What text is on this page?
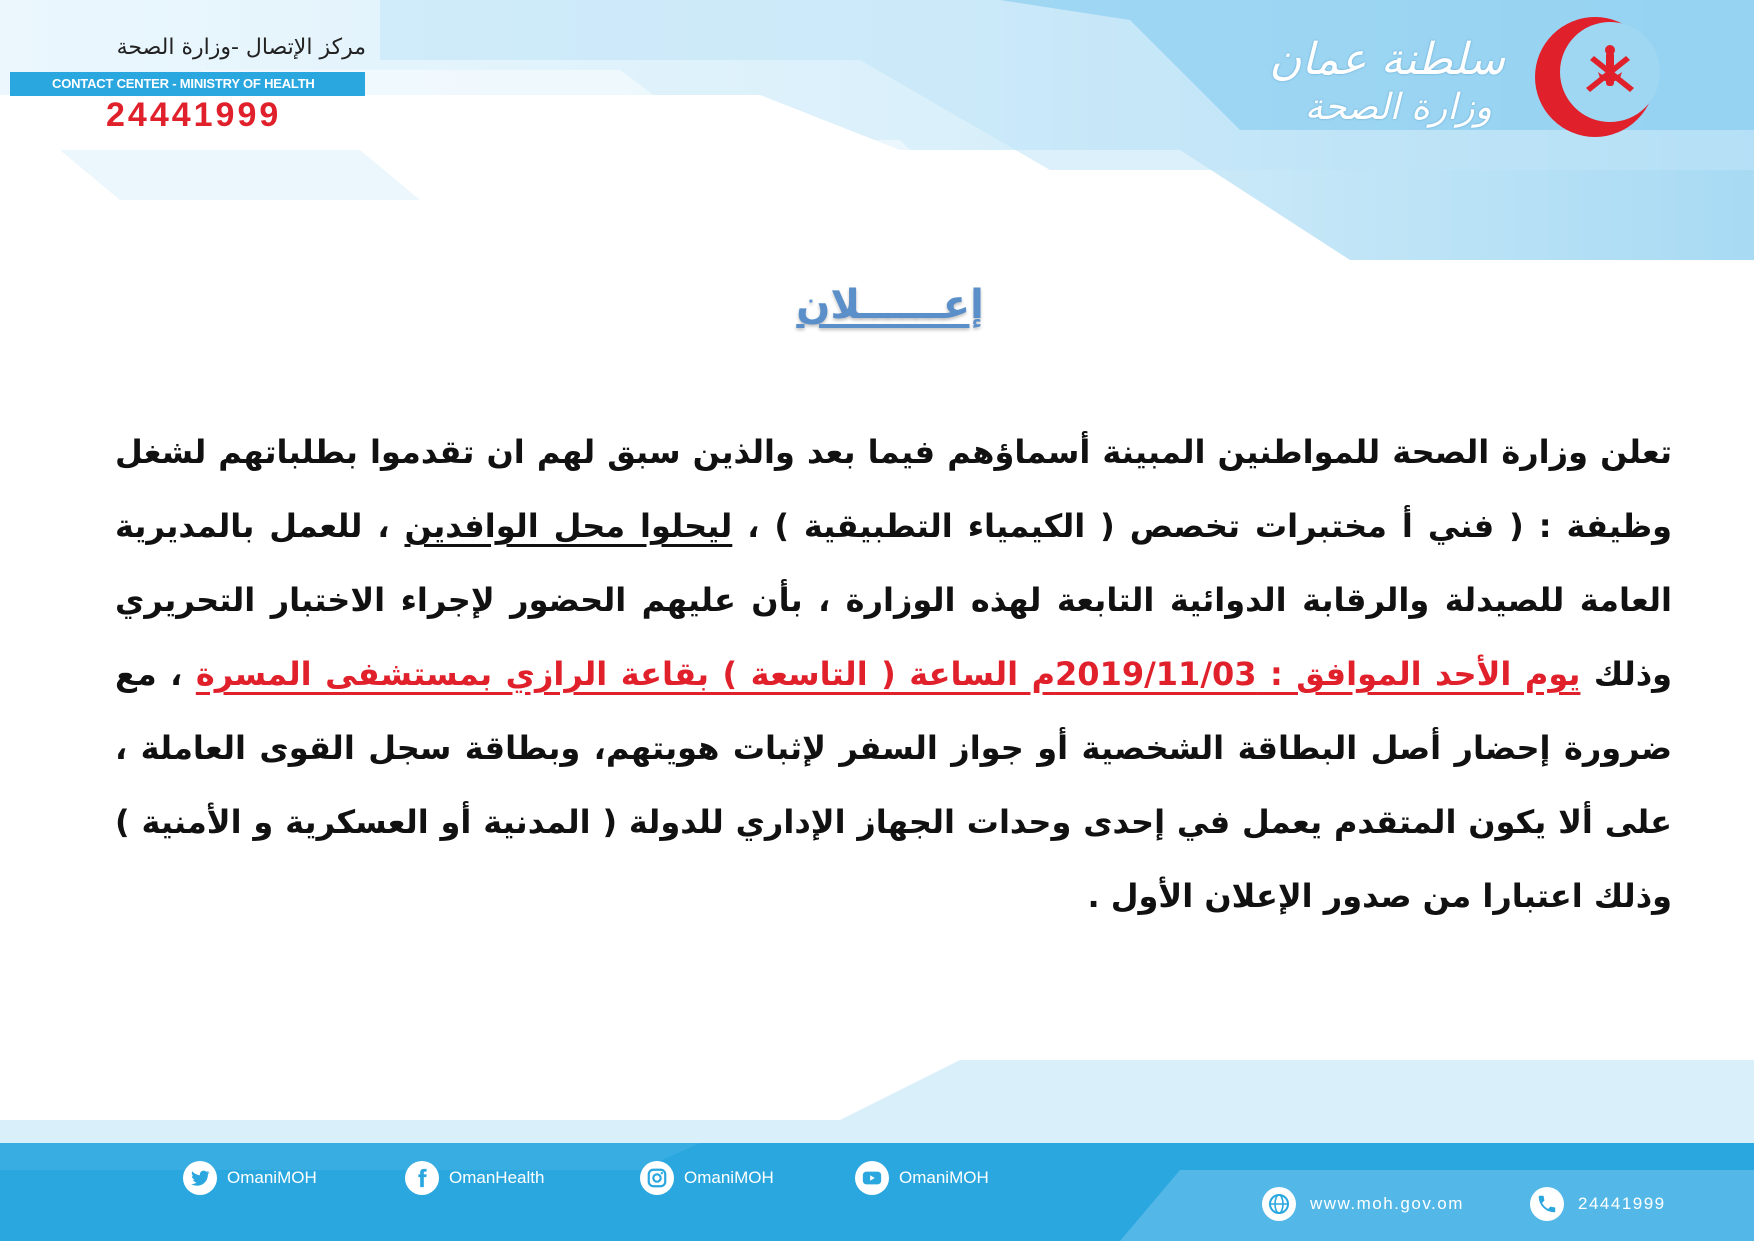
مركز الإتصال -وزارة الصحة
CONTACT CENTER - MINISTRY OF HEALTH
24441999
سلطنة عمان
وزارة الصحة
إعــــــلان
تعلن وزارة الصحة للمواطنين المبينة أسماؤهم فيما بعد والذين سبق لهم ان تقدموا بطلباتهم لشغل وظيفة : ( فني أ مختبرات تخصص ( الكيمياء التطبيقية ) ، ليحلوا محل الوافدين ، للعمل بالمديرية العامة للصيدلة والرقابة الدوائية التابعة لهذه الوزارة ، بأن عليهم الحضور لإجراء الاختبار التحريري وذلك يوم الأحد الموافق : 2019/11/03م الساعة ( التاسعة ) بقاعة الرازي بمستشفى المسرة ، مع ضرورة إحضار أصل البطاقة الشخصية أو جواز السفر لإثبات هويتهم، وبطاقة سجل القوى العاملة ، على ألا يكون المتقدم يعمل في إحدى وحدات الجهاز الإداري للدولة ( المدنية أو العسكرية و الأمنية ) وذلك اعتبارا من صدور الإعلان الأول .
OmaniMOH	OmanHealth	OmaniMOH	OmaniMOH
www.moh.gov.om	24441999
